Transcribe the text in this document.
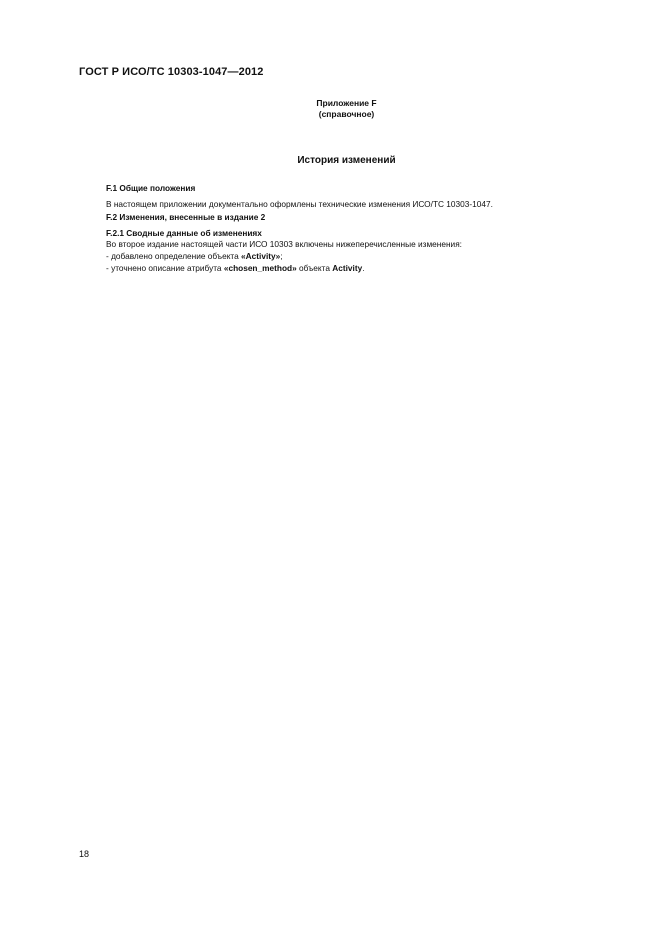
ГОСТ Р ИСО/ТС 10303-1047—2012
Приложение F
(справочное)
История изменений
F.1 Общие положения
В настоящем приложении документально оформлены технические изменения ИСО/ТС 10303-1047.
F.2 Изменения, внесенные в издание 2
F.2.1 Сводные данные об изменениях
Во второе издание настоящей части ИСО 10303 включены нижеперечисленные изменения:
- добавлено определение объекта «Activity»;
- уточнено описание атрибута «chosen_method» объекта Activity.
18
